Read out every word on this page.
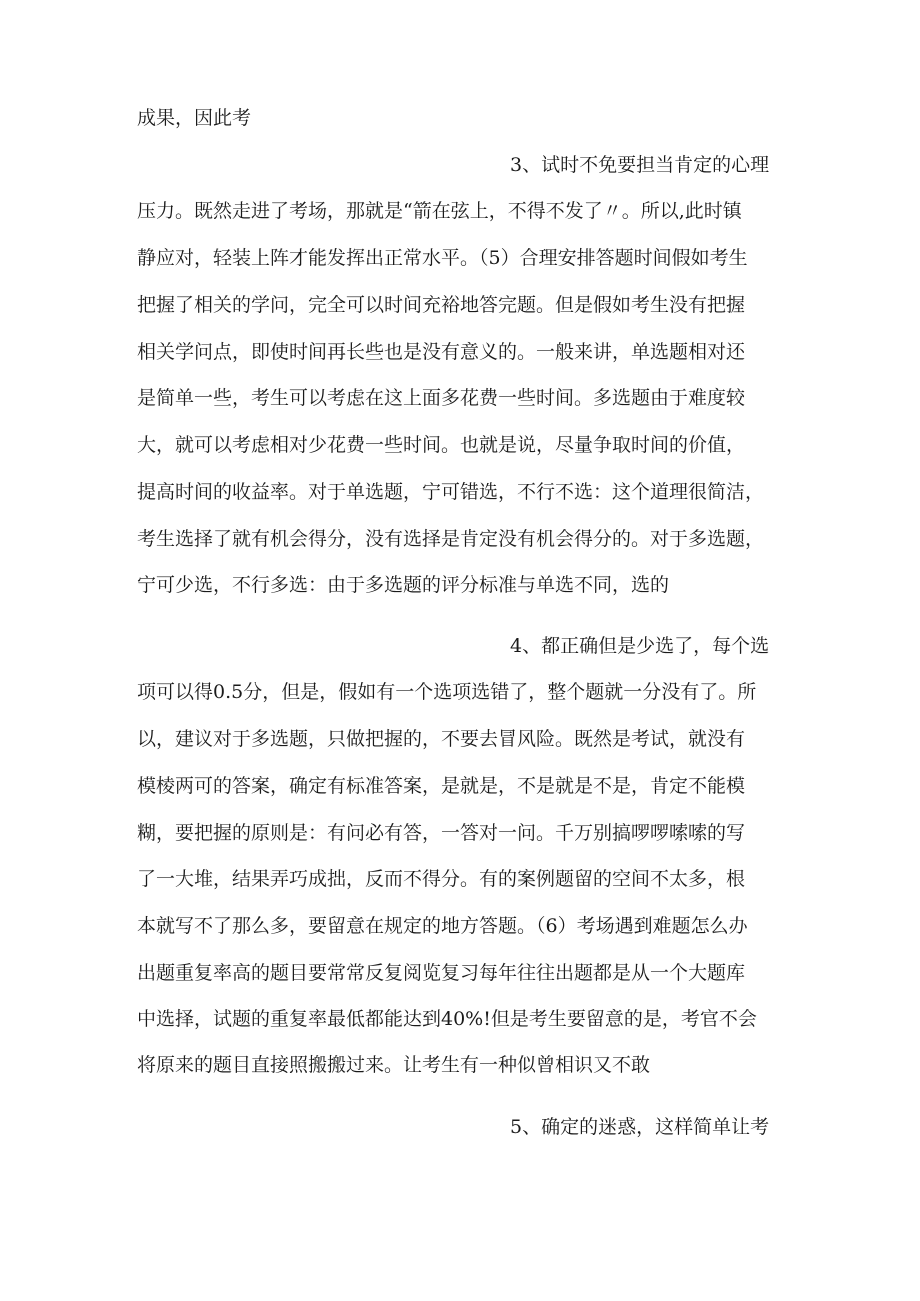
成果，因此考
3、试时不免要担当肯定的心理
压力。既然走进了考场，那就是“箭在弦上，不得不发了〃。所以,此时镇
静应对，轻装上阵才能发挥出正常水平。（5）合理安排答题时间假如考生
把握了相关的学问，完全可以时间充裕地答完题。但是假如考生没有把握
相关学问点，即使时间再长些也是没有意义的。一般来讲，单选题相对还
是简单一些，考生可以考虑在这上面多花费一些时间。多选题由于难度较
大，就可以考虑相对少花费一些时间。也就是说，尽量争取时间的价值，
提高时间的收益率。对于单选题，宁可错选，不行不选：这个道理很简洁，
考生选择了就有机会得分，没有选择是肯定没有机会得分的。对于多选题，
宁可少选，不行多选：由于多选题的评分标准与单选不同，选的
4、都正确但是少选了，每个选
项可以得0.5分，但是，假如有一个选项选错了，整个题就一分没有了。所
以，建议对于多选题，只做把握的，不要去冒风险。既然是考试，就没有
模棱两可的答案，确定有标准答案，是就是，不是就是不是，肯定不能模
糊，要把握的原则是：有问必有答，一答对一问。千万别搞啰啰嗦嗦的写
了一大堆，结果弄巧成拙，反而不得分。有的案例题留的空间不太多，根
本就写不了那么多，要留意在规定的地方答题。（6）考场遇到难题怎么办
出题重复率高的题目要常常反复阅览复习每年往往出题都是从一个大题库
中选择，试题的重复率最低都能达到40%!但是考生要留意的是，考官不会
将原来的题目直接照搬搬过来。让考生有一种似曾相识又不敢
5、确定的迷惑，这样简单让考
